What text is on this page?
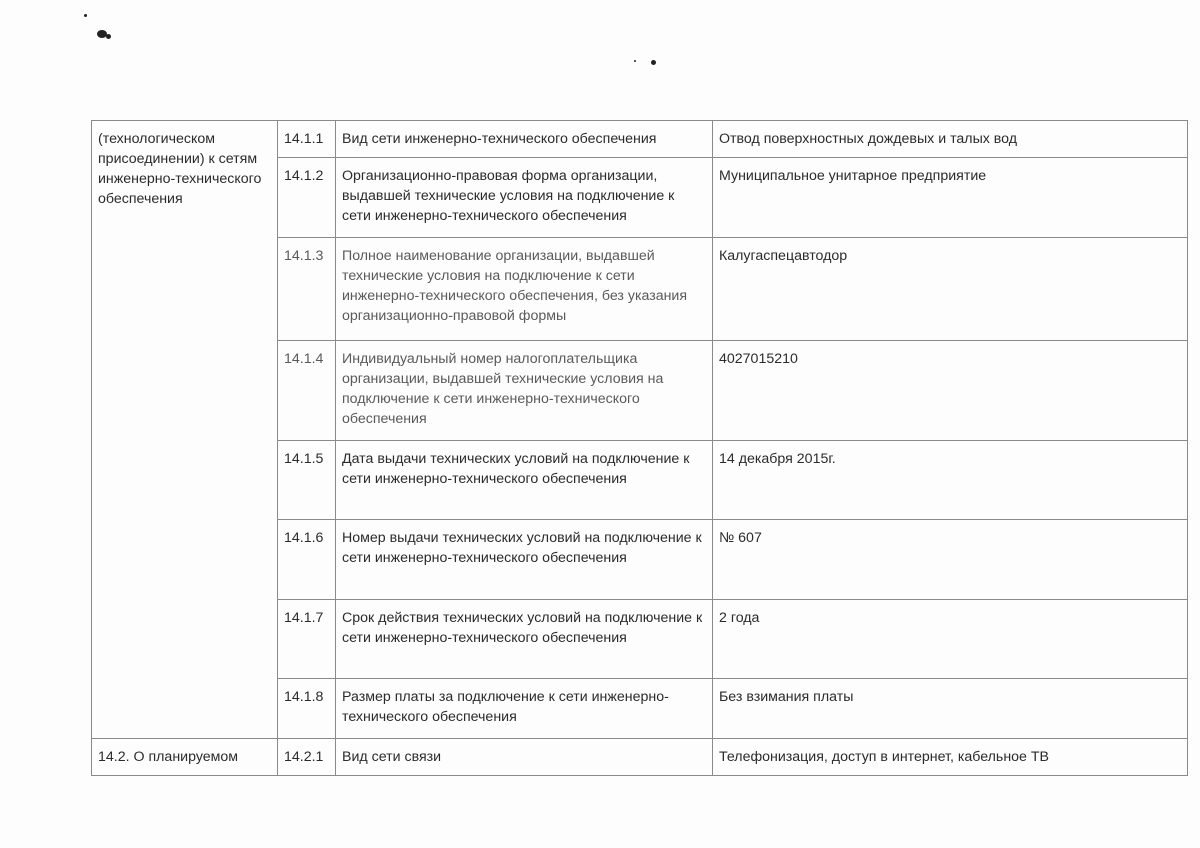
(технологическом присоединении) к сетям инженерно-технического обеспечения	14.1.1	Вид сети инженерно-технического обеспечения	Отвод поверхностных дождевых и талых вод
	14.1.2	Организационно-правовая форма организации, выдавшей технические условия на подключение к сети инженерно-технического обеспечения	Муниципальное унитарное предприятие
	14.1.3	Полное наименование организации, выдавшей технические условия на подключение к сети инженерно-технического обеспечения, без указания организационно-правовой формы	Калугаспецавтодор
	14.1.4	Индивидуальный номер налогоплательщика организации, выдавшей технические условия на подключение к сети инженерно-технического обеспечения	4027015210
	14.1.5	Дата выдачи технических условий на подключение к сети инженерно-технического обеспечения	14 декабря 2015г.
	14.1.6	Номер выдачи технических условий на подключение к сети инженерно-технического обеспечения	№ 607
	14.1.7	Срок действия технических условий на подключение к сети инженерно-технического обеспечения	2 года
	14.1.8	Размер платы за подключение к сети инженерно-технического обеспечения	Без взимания платы
14.2. О планируемом	14.2.1	Вид сети связи	Телефонизация, доступ в интернет, кабельное ТВ
